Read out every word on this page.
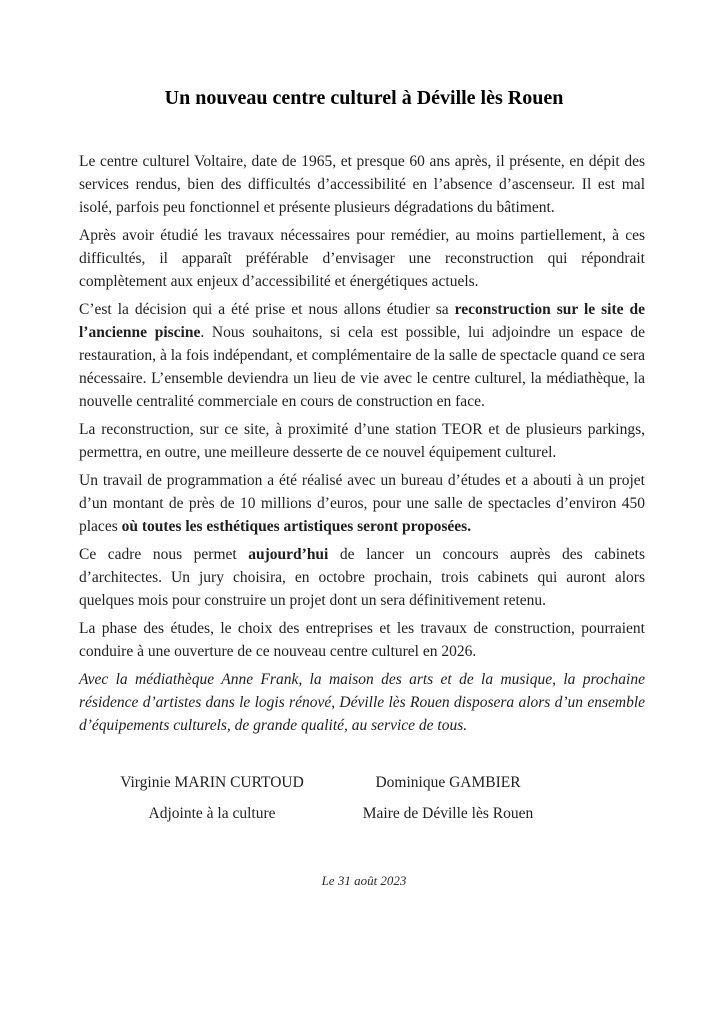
Un nouveau centre culturel à Déville lès Rouen

Le centre culturel Voltaire, date de 1965, et presque 60 ans après, il présente, en dépit des services rendus, bien des difficultés d’accessibilité en l’absence d’ascenseur. Il est mal isolé, parfois peu fonctionnel et présente plusieurs dégradations du bâtiment.

Après avoir étudié les travaux nécessaires pour remédier, au moins partiellement, à ces difficultés, il apparaît préférable d’envisager une reconstruction qui répondrait complètement aux enjeux d’accessibilité et énergétiques actuels.

C’est la décision qui a été prise et nous allons étudier sa reconstruction sur le site de l’ancienne piscine. Nous souhaitons, si cela est possible, lui adjoindre un espace de restauration, à la fois indépendant, et complémentaire de la salle de spectacle quand ce sera nécessaire. L’ensemble deviendra un lieu de vie avec le centre culturel, la médiathèque, la nouvelle centralité commerciale en cours de construction en face.

La reconstruction, sur ce site, à proximité d’une station TEOR et de plusieurs parkings, permettra, en outre, une meilleure desserte de ce nouvel équipement culturel.

Un travail de programmation a été réalisé avec un bureau d’études et a abouti à un projet d’un montant de près de 10 millions d’euros, pour une salle de spectacles d’environ 450 places où toutes les esthétiques artistiques seront proposées.

Ce cadre nous permet aujourd’hui de lancer un concours auprès des cabinets d’architectes. Un jury choisira, en octobre prochain, trois cabinets qui auront alors quelques mois pour construire un projet dont un sera définitivement retenu.

La phase des études, le choix des entreprises et les travaux de construction, pourraient conduire à une ouverture de ce nouveau centre culturel en 2026.

Avec la médiathèque Anne Frank, la maison des arts et de la musique, la prochaine résidence d’artistes dans le logis rénové, Déville lès Rouen disposera alors d’un ensemble d’équipements culturels, de grande qualité, au service de tous.

Virginie MARIN CURTOUD	Dominique GAMBIER
Adjointe à la culture	Maire de Déville lès Rouen
Le 31 août 2023
